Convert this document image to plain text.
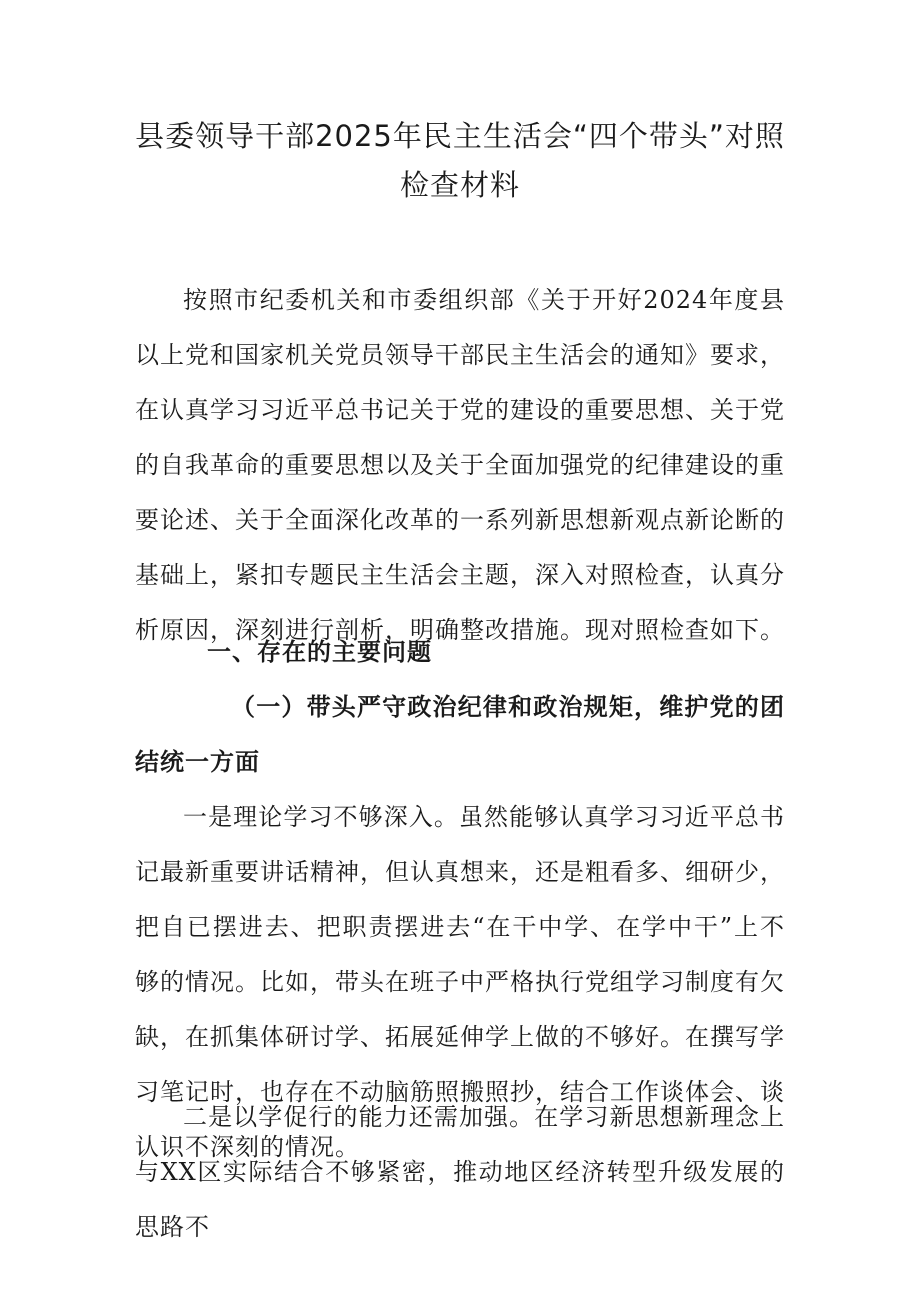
县委领导干部2025年民主生活会“四个带头”对照
检查材料

按照市纪委机关和市委组织部《关于开好2024年度县以上党和国家机关党员领导干部民主生活会的通知》要求，在认真学习习近平总书记关于党的建设的重要思想、关于党的自我革命的重要思想以及关于全面加强党的纪律建设的重要论述、关于全面深化改革的一系列新思想新观点新论断的基础上，紧扣专题民主生活会主题，深入对照检查，认真分析原因，深刻进行剖析，明确整改措施。现对照检查如下。

一、存在的主要问题
（一）带头严守政治纪律和政治规矩，维护党的团结统一方面

一是理论学习不够深入。虽然能够认真学习习近平总书记最新重要讲话精神，但认真想来，还是粗看多、细研少，把自已摆进去、把职责摆进去“在干中学、在学中干”上不够的情况。比如，带头在班子中严格执行党组学习制度有欠缺，在抓集体研讨学、拓展延伸学上做的不够好。在撰写学习笔记时，也存在不动脑筋照搬照抄，结合工作谈体会、谈认识不深刻的情况。

二是以学促行的能力还需加强。在学习新思想新理念上与XX区实际结合不够紧密，推动地区经济转型升级发展的思路不
